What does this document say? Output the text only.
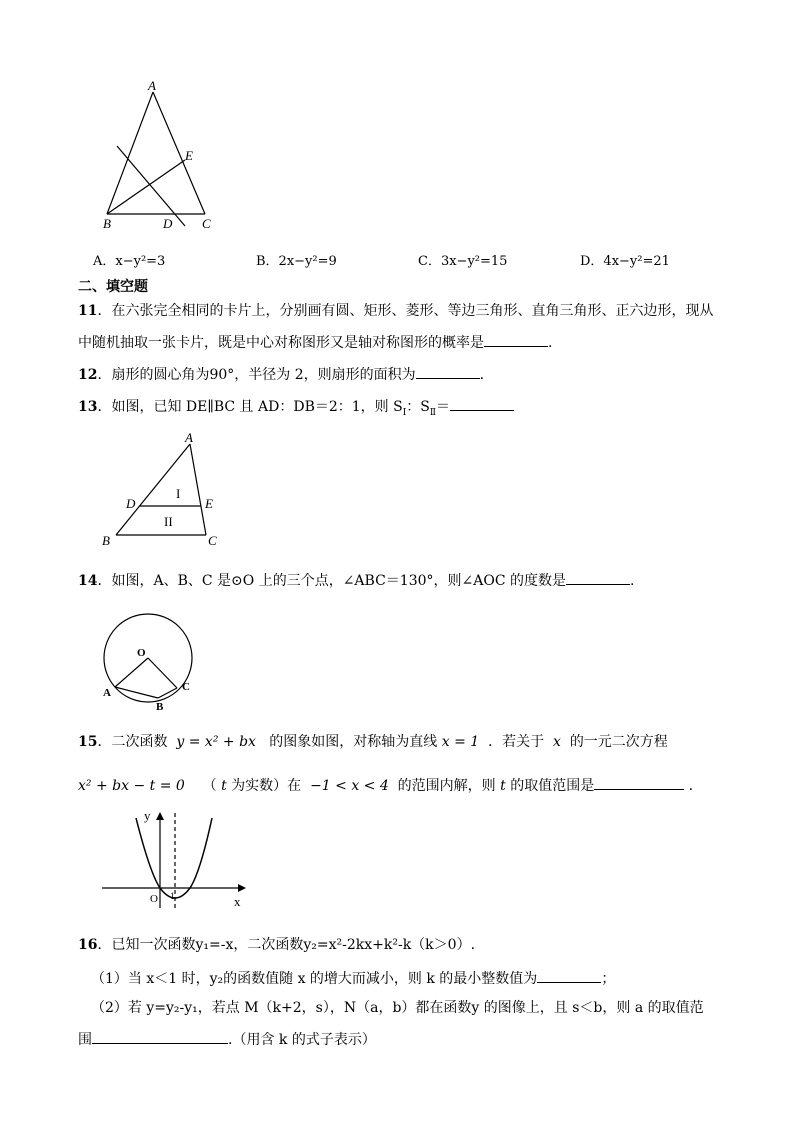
A
E
B	D C
A．x−y²=3	B．2x−y²=9	C．3x−y²=15	D．4x−y²=21
二、填空题
11．在六张完全相同的卡片上，分别画有圆、矩形、菱形、等边三角形、直角三角形、正六边形，现从
中随机抽取一张卡片，既是中心对称图形又是轴对称图形的概率是	.
12．扇形的圆心角为90°，半径为 2，则扇形的面积为	.
13．如图，已知 DE∥BC 且 AD：DB＝2：1，则 $S_Ⅰ$：$S_Ⅱ=$
A
D	E
B	C
I
II
14．如图，A、B、C 是⊙O 上的三个点，∠ABC＝130°，则∠AOC 的度数是	.
O
A
B
C
15．二次函数 y = x² + bx 的图象如图，对称轴为直线 x = 1 ．若关于 x 的一元二次方程
x² + bx − t = 0 （ t 为实数）在 −1 < x < 4 的范围内解，则 t 的取值范围是	.
y
x
O 1
16．已知一次函数y₁=-x，二次函数y₂=x²-2kx+k²-k（k＞0）.
（1）当 x＜1 时，y₂的函数值随 x 的增大而减小，则 k 的最小整数值为	；
（2）若 y=y₂-y₁，若点 M（k+2，s），N（a，b）都在函数y 的图像上，且 s＜b，则 a 的取值范
围	.（用含 k 的式子表示）
